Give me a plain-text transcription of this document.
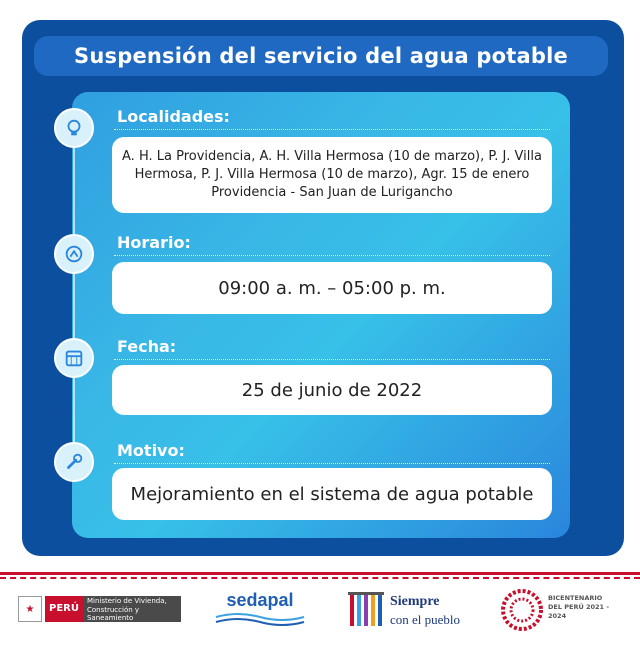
Suspensión del servicio del agua potable
Localidades:
A. H. La Providencia, A. H. Villa Hermosa (10 de marzo), P. J. Villa Hermosa, P. J. Villa Hermosa (10 de marzo), Agr. 15 de enero Providencia - San Juan de Lurigancho
Horario:
09:00 a. m. – 05:00 p. m.
Fecha:
25 de junio de 2022
Motivo:
Mejoramiento en el sistema de agua potable
★	PERÚ
Ministerio de Vivienda, Construcción y Saneamiento
sedapal	Siempre
con el pueblo
BICENTENARIO DEL PERÚ 2021 - 2024
